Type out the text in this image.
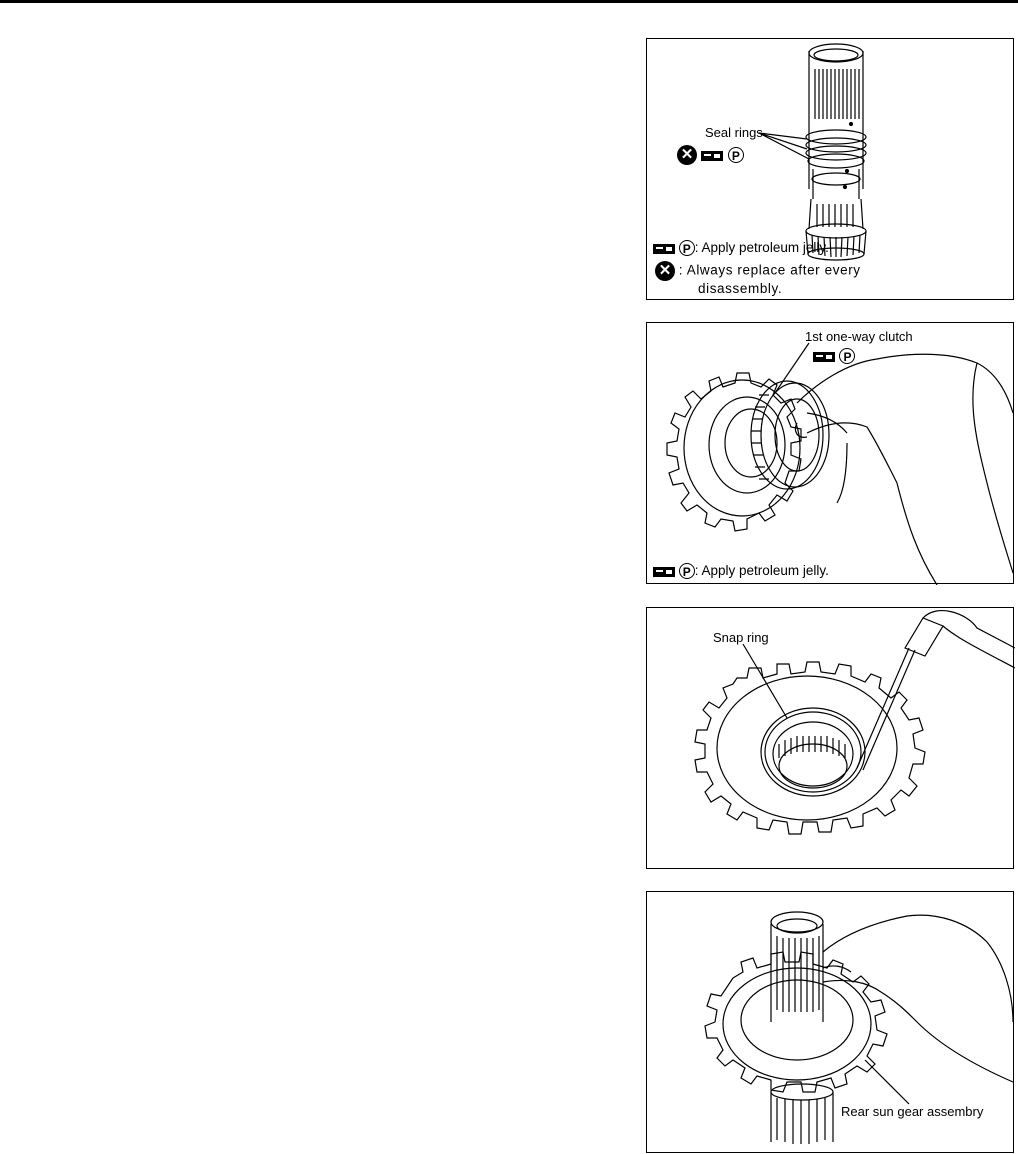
Seal rings
✕	P
P : Apply petroleum jelly.
✕ : Always replace after every
disassembly.
1st one-way clutch
P
P : Apply petroleum jelly.
Snap ring
Rear sun gear assembry
